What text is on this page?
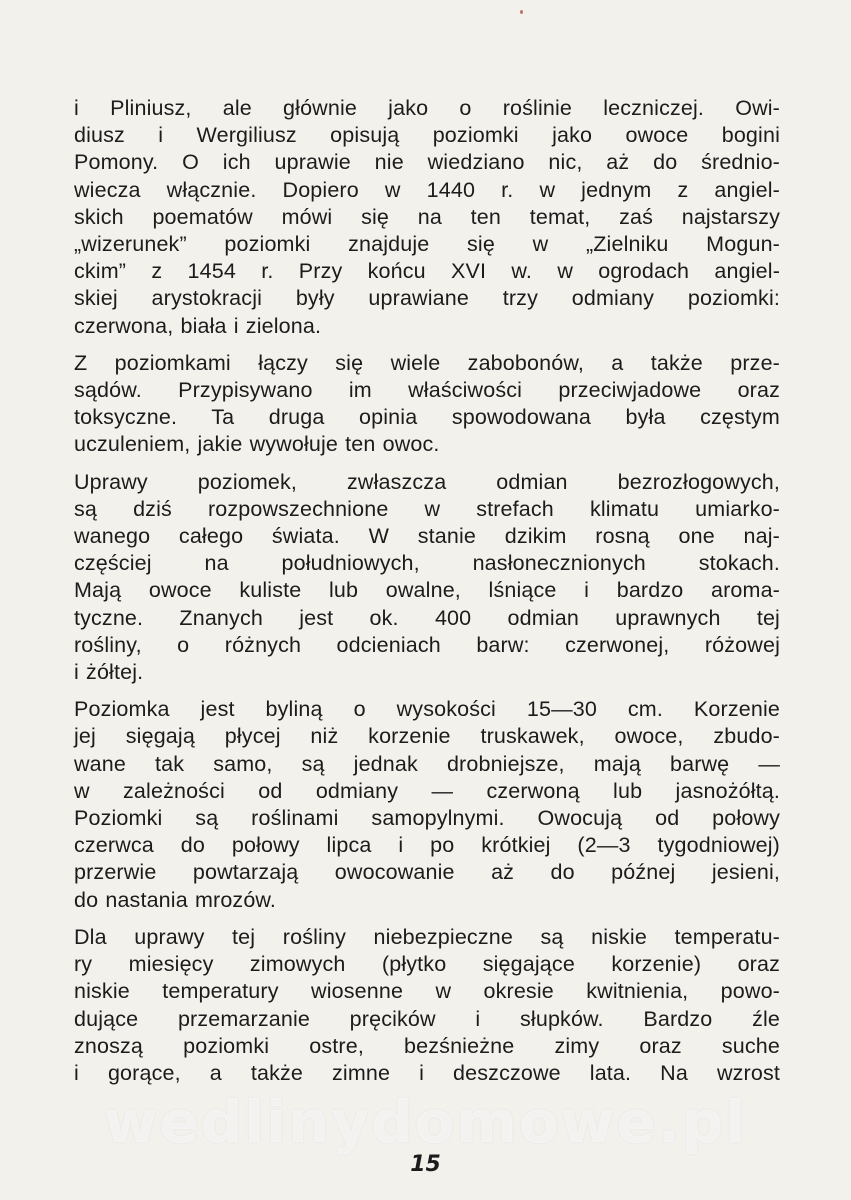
i Pliniusz, ale głównie jako o roślinie leczniczej. Owi-
diusz i Wergiliusz opisują poziomki jako owoce bogini
Pomony. O ich uprawie nie wiedziano nic, aż do średnio-
wiecza włącznie. Dopiero w 1440 r. w jednym z angiel-
skich poematów mówi się na ten temat, zaś najstarszy
„wizerunek” poziomki znajduje się w „Zielniku Mogun-
ckim” z 1454 r. Przy końcu XVI w. w ogrodach angiel-
skiej arystokracji były uprawiane trzy odmiany poziomki:
czerwona, biała i zielona.

Z poziomkami łączy się wiele zabobonów, a także prze-
sądów. Przypisywano im właściwości przeciwjadowe oraz
toksyczne. Ta druga opinia spowodowana była częstym
uczuleniem, jakie wywołuje ten owoc.

Uprawy poziomek, zwłaszcza odmian bezrozłogowych,
są dziś rozpowszechnione w strefach klimatu umiarko-
wanego całego świata. W stanie dzikim rosną one naj-
częściej na południowych, nasłonecznionych stokach.
Mają owoce kuliste lub owalne, lśniące i bardzo aroma-
tyczne. Znanych jest ok. 400 odmian uprawnych tej
rośliny, o różnych odcieniach barw: czerwonej, różowej
i żółtej.

Poziomka jest byliną o wysokości 15—30 cm. Korzenie
jej sięgają płycej niż korzenie truskawek, owoce, zbudo-
wane tak samo, są jednak drobniejsze, mają barwę —
w zależności od odmiany — czerwoną lub jasnożółtą.
Poziomki są roślinami samopylnymi. Owocują od połowy
czerwca do połowy lipca i po krótkiej (2—3 tygodniowej)
przerwie powtarzają owocowanie aż do późnej jesieni,
do nastania mrozów.

Dla uprawy tej rośliny niebezpieczne są niskie temperatu-
ry miesięcy zimowych (płytko sięgające korzenie) oraz
niskie temperatury wiosenne w okresie kwitnienia, powo-
dujące przemarzanie pręcików i słupków. Bardzo źle
znoszą poziomki ostre, bezśnieżne zimy oraz suche
i gorące, a także zimne i deszczowe lata. Na wzrost

wedlinydomowe.pl
15
